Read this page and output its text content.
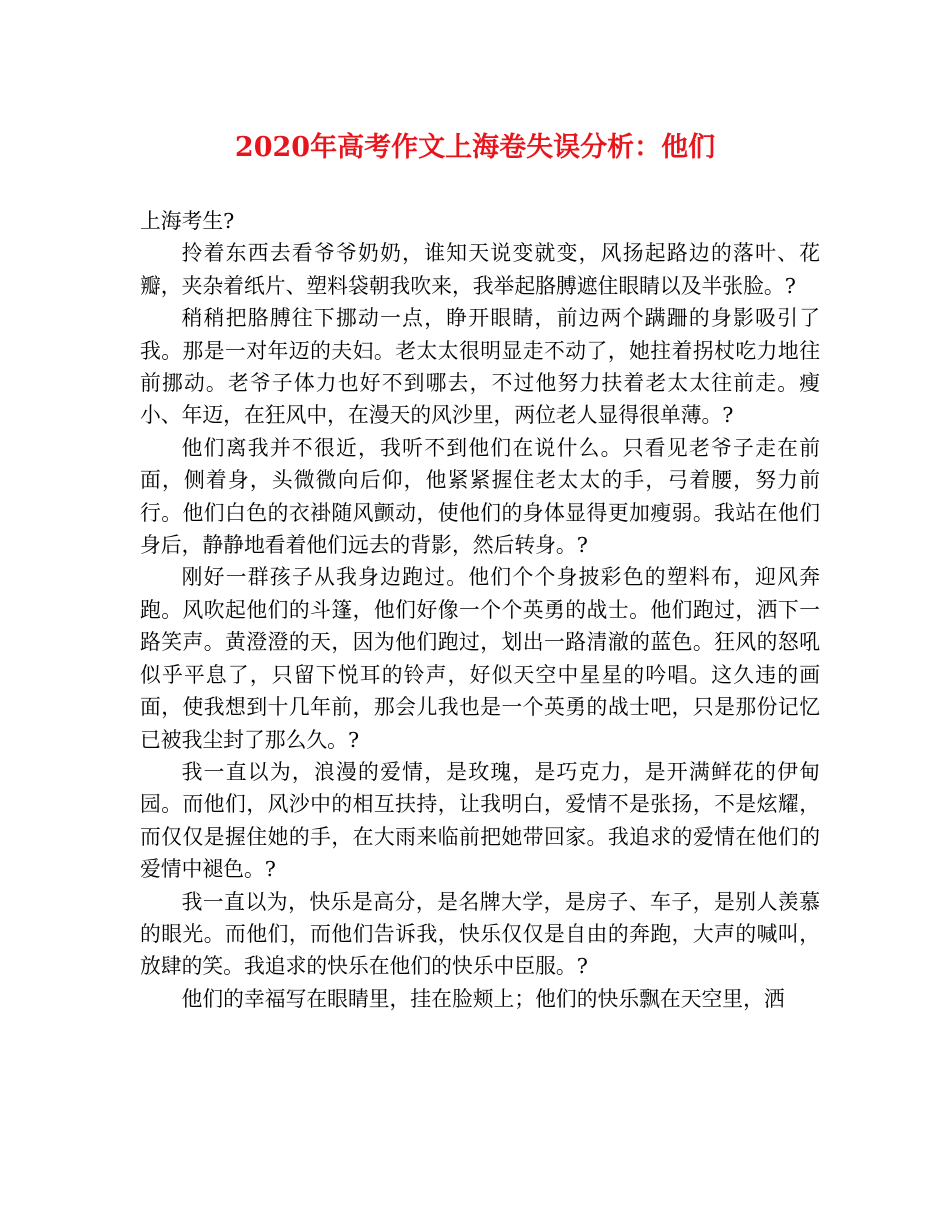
2020年高考作文上海卷失误分析：他们

上海考生?

拎着东西去看爷爷奶奶，谁知天说变就变，风扬起路边的落叶、花瓣，夹杂着纸片、塑料袋朝我吹来，我举起胳膊遮住眼睛以及半张脸。?

稍稍把胳膊往下挪动一点，睁开眼睛，前边两个蹒跚的身影吸引了我。那是一对年迈的夫妇。老太太很明显走不动了，她拄着拐杖吃力地往前挪动。老爷子体力也好不到哪去，不过他努力扶着老太太往前走。瘦小、年迈，在狂风中，在漫天的风沙里，两位老人显得很单薄。?

他们离我并不很近，我听不到他们在说什么。只看见老爷子走在前面，侧着身，头微微向后仰，他紧紧握住老太太的手，弓着腰，努力前行。他们白色的衣褂随风颤动，使他们的身体显得更加瘦弱。我站在他们身后，静静地看着他们远去的背影，然后转身。?

刚好一群孩子从我身边跑过。他们个个身披彩色的塑料布，迎风奔跑。风吹起他们的斗篷，他们好像一个个英勇的战士。他们跑过，洒下一路笑声。黄澄澄的天，因为他们跑过，划出一路清澈的蓝色。狂风的怒吼似乎平息了，只留下悦耳的铃声，好似天空中星星的吟唱。这久违的画面，使我想到十几年前，那会儿我也是一个英勇的战士吧，只是那份记忆已被我尘封了那么久。?

我一直以为，浪漫的爱情，是玫瑰，是巧克力，是开满鲜花的伊甸园。而他们，风沙中的相互扶持，让我明白，爱情不是张扬，不是炫耀，而仅仅是握住她的手，在大雨来临前把她带回家。我追求的爱情在他们的爱情中褪色。?

我一直以为，快乐是高分，是名牌大学，是房子、车子，是别人羡慕的眼光。而他们，而他们告诉我，快乐仅仅是自由的奔跑，大声的喊叫，放肆的笑。我追求的快乐在他们的快乐中臣服。?

他们的幸福写在眼睛里，挂在脸颊上；他们的快乐飘在天空里，洒
